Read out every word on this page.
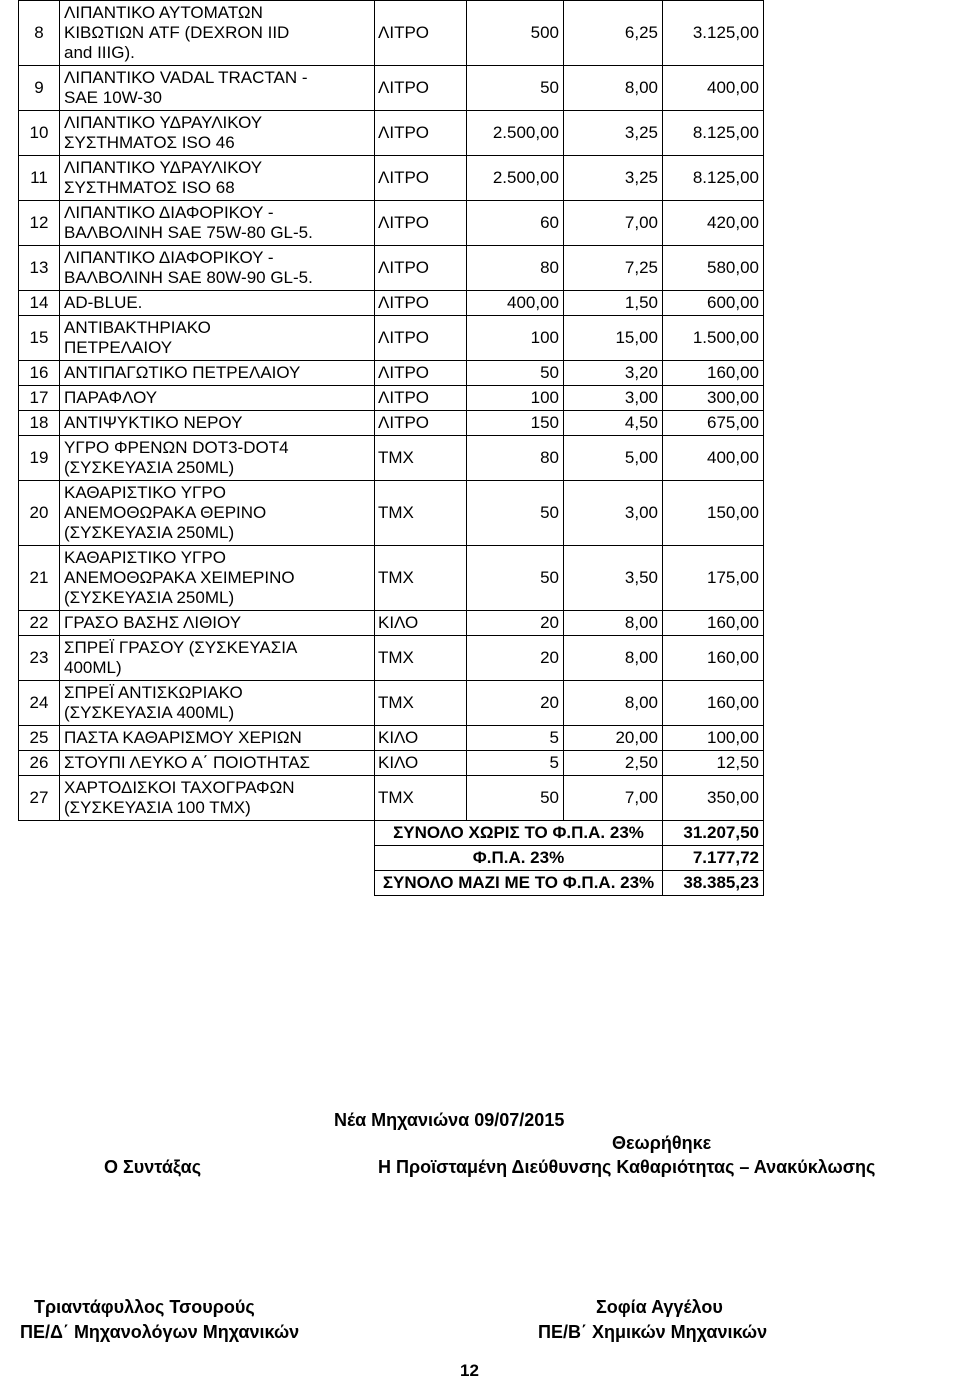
8	ΛΙΠΑΝΤΙΚΟ ΑΥΤΟΜΑΤΩΝ
ΚΙΒΩΤΙΩΝ ATF (DEXRON IID
and IIIG).	ΛΙΤΡΟ	500	6,25	3.125,00
9	ΛΙΠΑΝΤΙΚΟ VADAL TRACTAN -
SAE 10W-30	ΛΙΤΡΟ	50	8,00	400,00
10	ΛΙΠΑΝΤΙΚΟ ΥΔΡΑΥΛΙΚΟΥ
ΣΥΣΤΗΜΑΤΟΣ ISO 46	ΛΙΤΡΟ	2.500,00	3,25	8.125,00
11	ΛΙΠΑΝΤΙΚΟ ΥΔΡΑΥΛΙΚΟΥ
ΣΥΣΤΗΜΑΤΟΣ ISO 68	ΛΙΤΡΟ	2.500,00	3,25	8.125,00
12	ΛΙΠΑΝΤΙΚΟ ΔΙΑΦΟΡΙΚΟΥ -
ΒΑΛΒΟΛΙΝΗ SAE 75W-80 GL-5.	ΛΙΤΡΟ	60	7,00	420,00
13	ΛΙΠΑΝΤΙΚΟ ΔΙΑΦΟΡΙΚΟΥ -
ΒΑΛΒΟΛΙΝΗ SAE 80W-90 GL-5.	ΛΙΤΡΟ	80	7,25	580,00
14	AD-BLUE.	ΛΙΤΡΟ	400,00	1,50	600,00
15	ΑΝΤΙΒΑΚΤΗΡΙΑΚΟ
ΠΕΤΡΕΛΑΙΟΥ	ΛΙΤΡΟ	100	15,00	1.500,00
16	ΑΝΤΙΠΑΓΩΤΙΚΟ ΠΕΤΡΕΛΑΙΟΥ	ΛΙΤΡΟ	50	3,20	160,00
17	ΠΑΡΑΦΛΟΥ	ΛΙΤΡΟ	100	3,00	300,00
18	ΑΝΤΙΨΥΚΤΙΚΟ ΝΕΡΟΥ	ΛΙΤΡΟ	150	4,50	675,00
19	ΥΓΡΟ ΦΡΕΝΩΝ DOT3-DOT4
(ΣΥΣΚΕΥΑΣΙΑ 250ML)	ΤΜΧ	80	5,00	400,00
20	ΚΑΘΑΡΙΣΤΙΚΟ ΥΓΡΟ
ΑΝΕΜΟΘΩΡΑΚΑ ΘΕΡΙΝΟ
(ΣΥΣΚΕΥΑΣΙΑ 250ML)	ΤΜΧ	50	3,00	150,00
21	ΚΑΘΑΡΙΣΤΙΚΟ ΥΓΡΟ
ΑΝΕΜΟΘΩΡΑΚΑ ΧΕΙΜΕΡΙΝΟ
(ΣΥΣΚΕΥΑΣΙΑ 250ML)	ΤΜΧ	50	3,50	175,00
22	ΓΡΑΣΟ ΒΑΣΗΣ ΛΙΘΙΟΥ	ΚΙΛΟ	20	8,00	160,00
23	ΣΠΡΕΪ ΓΡΑΣΟΥ (ΣΥΣΚΕΥΑΣΙΑ
400ML)	ΤΜΧ	20	8,00	160,00
24	ΣΠΡΕΪ ΑΝΤΙΣΚΩΡΙΑΚΟ
(ΣΥΣΚΕΥΑΣΙΑ 400ML)	ΤΜΧ	20	8,00	160,00
25	ΠΑΣΤΑ ΚΑΘΑΡΙΣΜΟΥ ΧΕΡΙΩΝ	ΚΙΛΟ	5	20,00	100,00
26	ΣΤΟΥΠΙ ΛΕΥΚΟ Α΄ ΠΟΙΟΤΗΤΑΣ	ΚΙΛΟ	5	2,50	12,50
27	ΧΑΡΤΟΔΙΣΚΟΙ ΤΑΧΟΓΡΑΦΩΝ
(ΣΥΣΚΕΥΑΣΙΑ 100 ΤΜΧ)	ΤΜΧ	50	7,00	350,00
		ΣΥΝΟΛΟ ΧΩΡΙΣ ΤΟ Φ.Π.Α. 23%			31.207,50
		Φ.Π.Α. 23%			7.177,72
		ΣΥΝΟΛΟ ΜΑΖΙ ΜΕ ΤΟ Φ.Π.Α. 23%			38.385,23
Νέα Μηχανιώνα 09/07/2015
Θεωρήθηκε
Ο Συντάξας	Η Προϊσταμένη Διεύθυνσης Καθαριότητας – Ανακύκλωσης
Τριαντάφυλλος Τσουρούς
ΠΕ/Δ΄ Μηχανολόγων Μηχανικών
Σοφία Αγγέλου
ΠΕ/Β΄ Χημικών Μηχανικών
12
